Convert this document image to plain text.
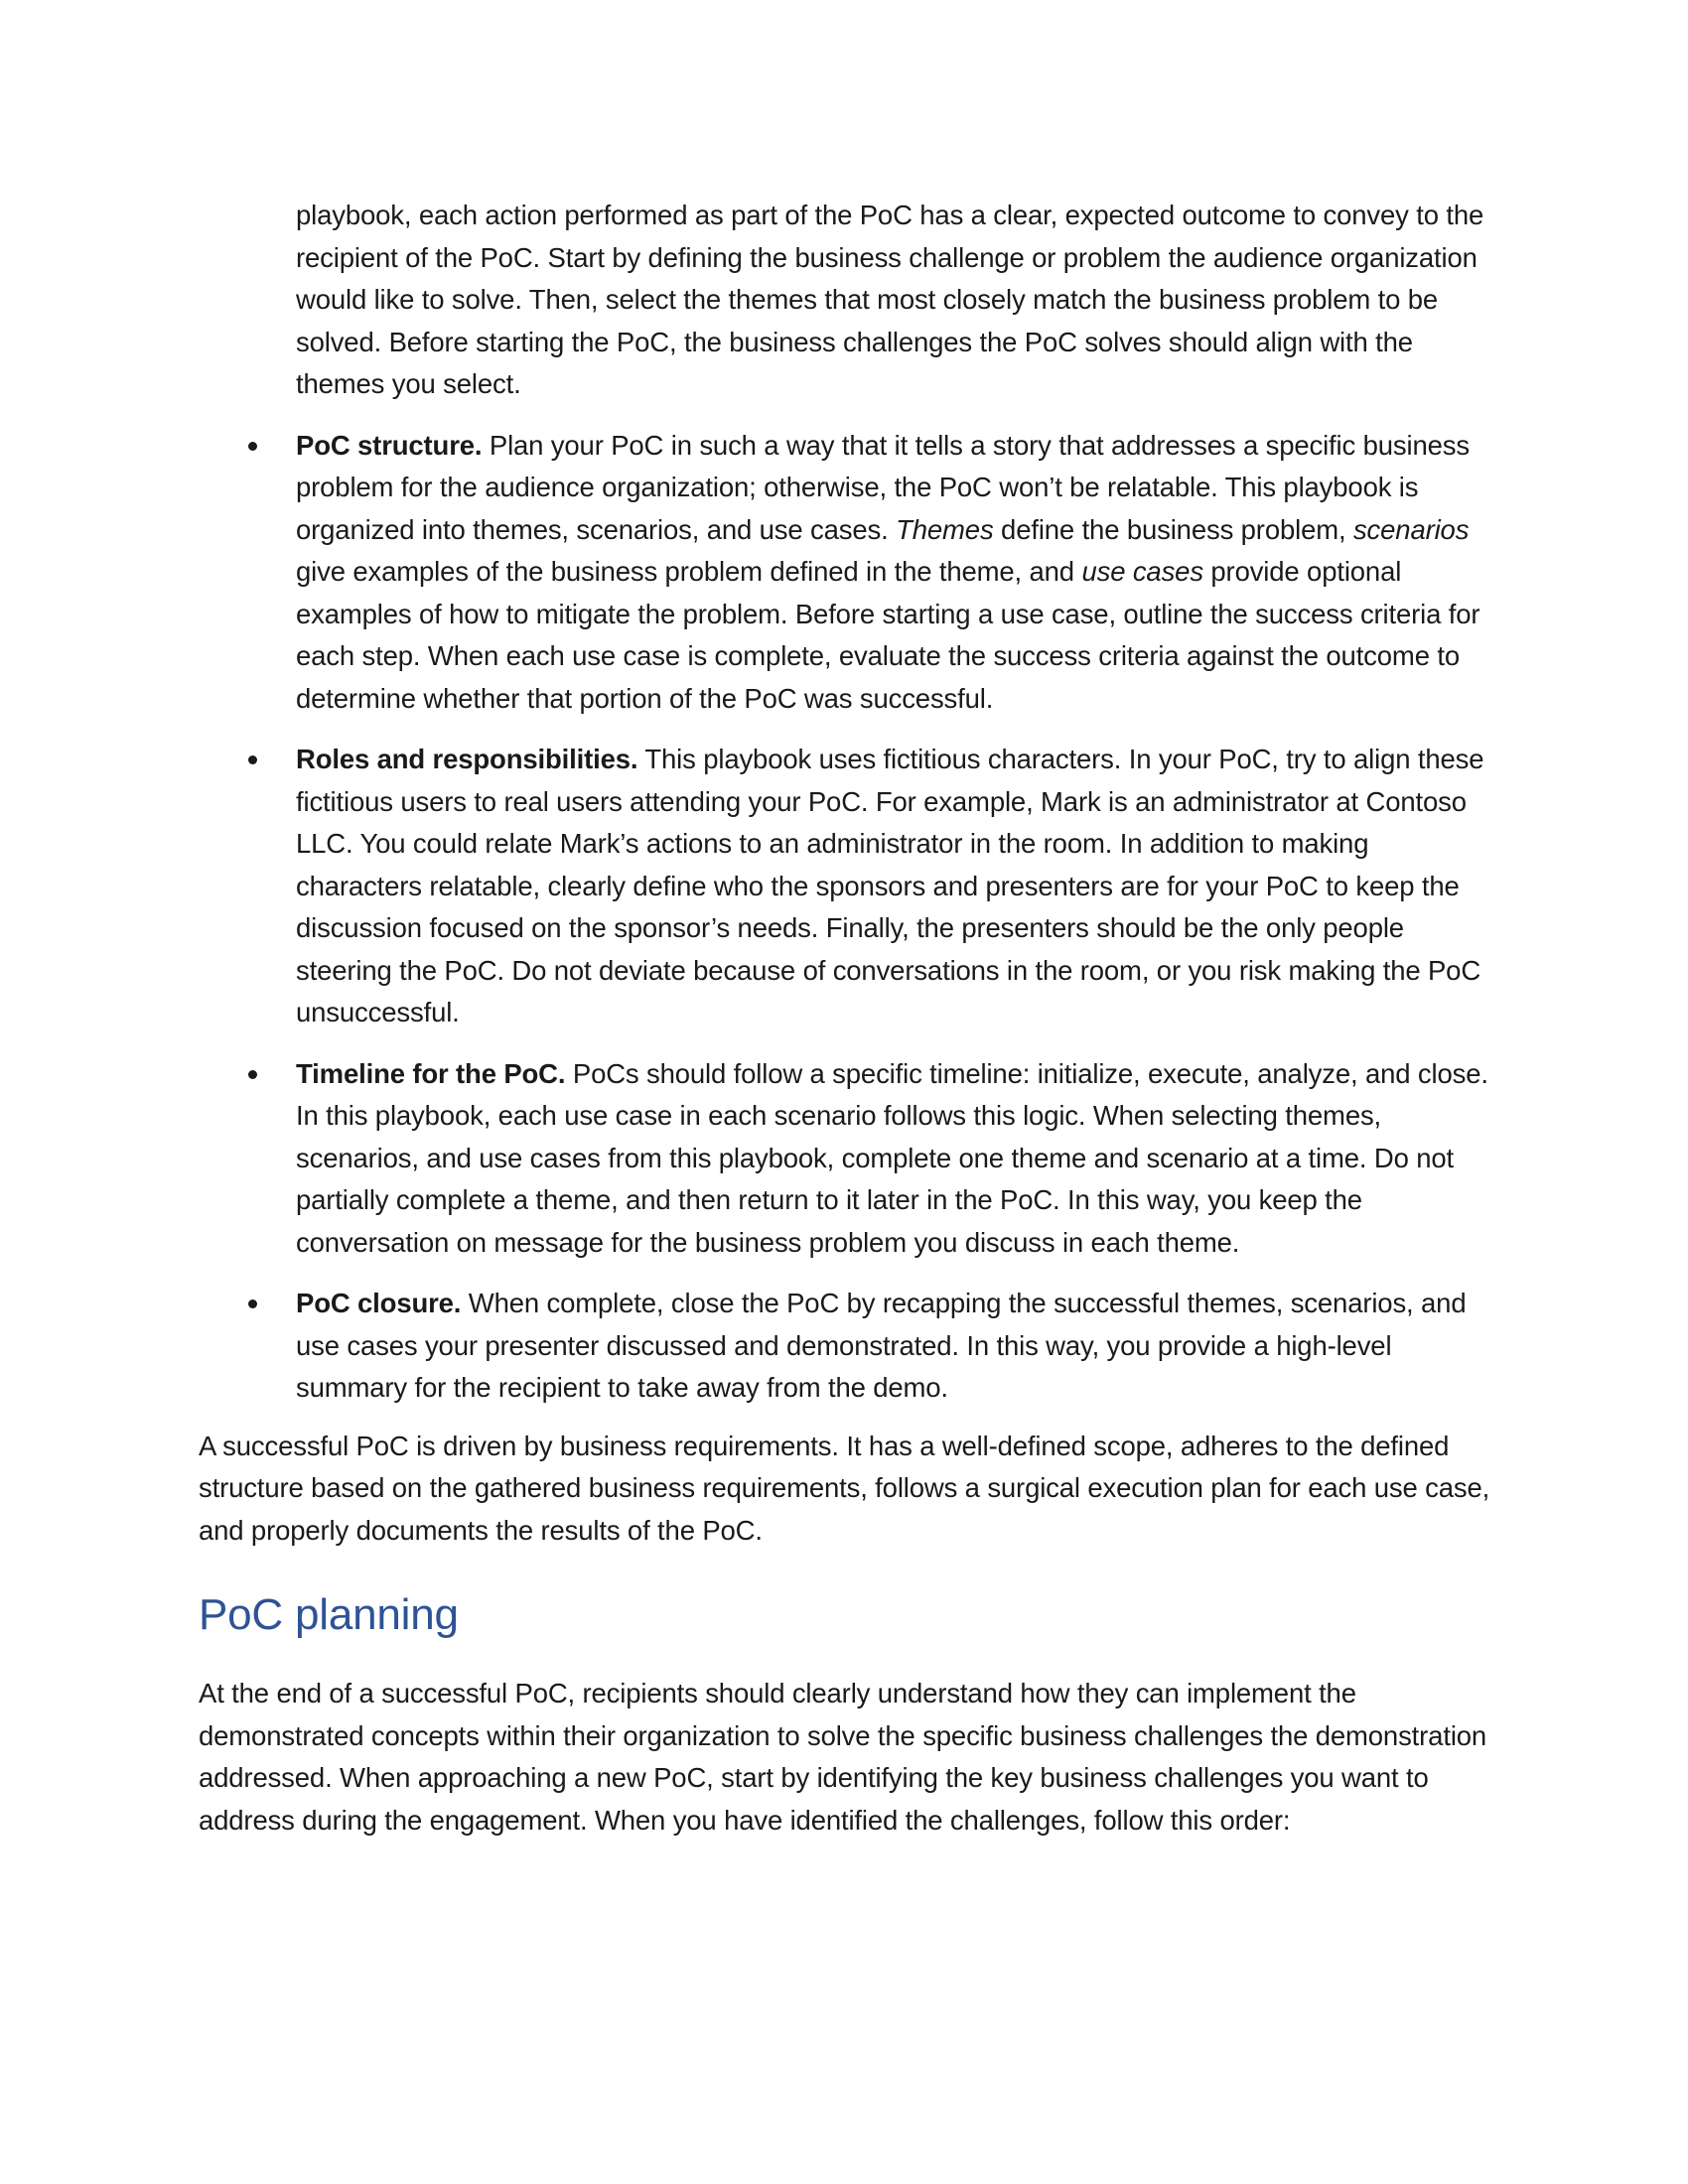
playbook, each action performed as part of the PoC has a clear, expected outcome to convey to the recipient of the PoC. Start by defining the business challenge or problem the audience organization would like to solve. Then, select the themes that most closely match the business problem to be solved. Before starting the PoC, the business challenges the PoC solves should align with the themes you select.

PoC structure. Plan your PoC in such a way that it tells a story that addresses a specific business problem for the audience organization; otherwise, the PoC won’t be relatable. This playbook is organized into themes, scenarios, and use cases. Themes define the business problem, scenarios give examples of the business problem defined in the theme, and use cases provide optional examples of how to mitigate the problem. Before starting a use case, outline the success criteria for each step. When each use case is complete, evaluate the success criteria against the outcome to determine whether that portion of the PoC was successful.

Roles and responsibilities. This playbook uses fictitious characters. In your PoC, try to align these fictitious users to real users attending your PoC. For example, Mark is an administrator at Contoso LLC. You could relate Mark’s actions to an administrator in the room. In addition to making characters relatable, clearly define who the sponsors and presenters are for your PoC to keep the discussion focused on the sponsor’s needs. Finally, the presenters should be the only people steering the PoC. Do not deviate because of conversations in the room, or you risk making the PoC unsuccessful.

Timeline for the PoC. PoCs should follow a specific timeline: initialize, execute, analyze, and close. In this playbook, each use case in each scenario follows this logic. When selecting themes, scenarios, and use cases from this playbook, complete one theme and scenario at a time. Do not partially complete a theme, and then return to it later in the PoC. In this way, you keep the conversation on message for the business problem you discuss in each theme.

PoC closure. When complete, close the PoC by recapping the successful themes, scenarios, and use cases your presenter discussed and demonstrated. In this way, you provide a high-level summary for the recipient to take away from the demo.

A successful PoC is driven by business requirements. It has a well-defined scope, adheres to the defined structure based on the gathered business requirements, follows a surgical execution plan for each use case, and properly documents the results of the PoC.

PoC planning

At the end of a successful PoC, recipients should clearly understand how they can implement the demonstrated concepts within their organization to solve the specific business challenges the demonstration addressed. When approaching a new PoC, start by identifying the key business challenges you want to address during the engagement. When you have identified the challenges, follow this order:
